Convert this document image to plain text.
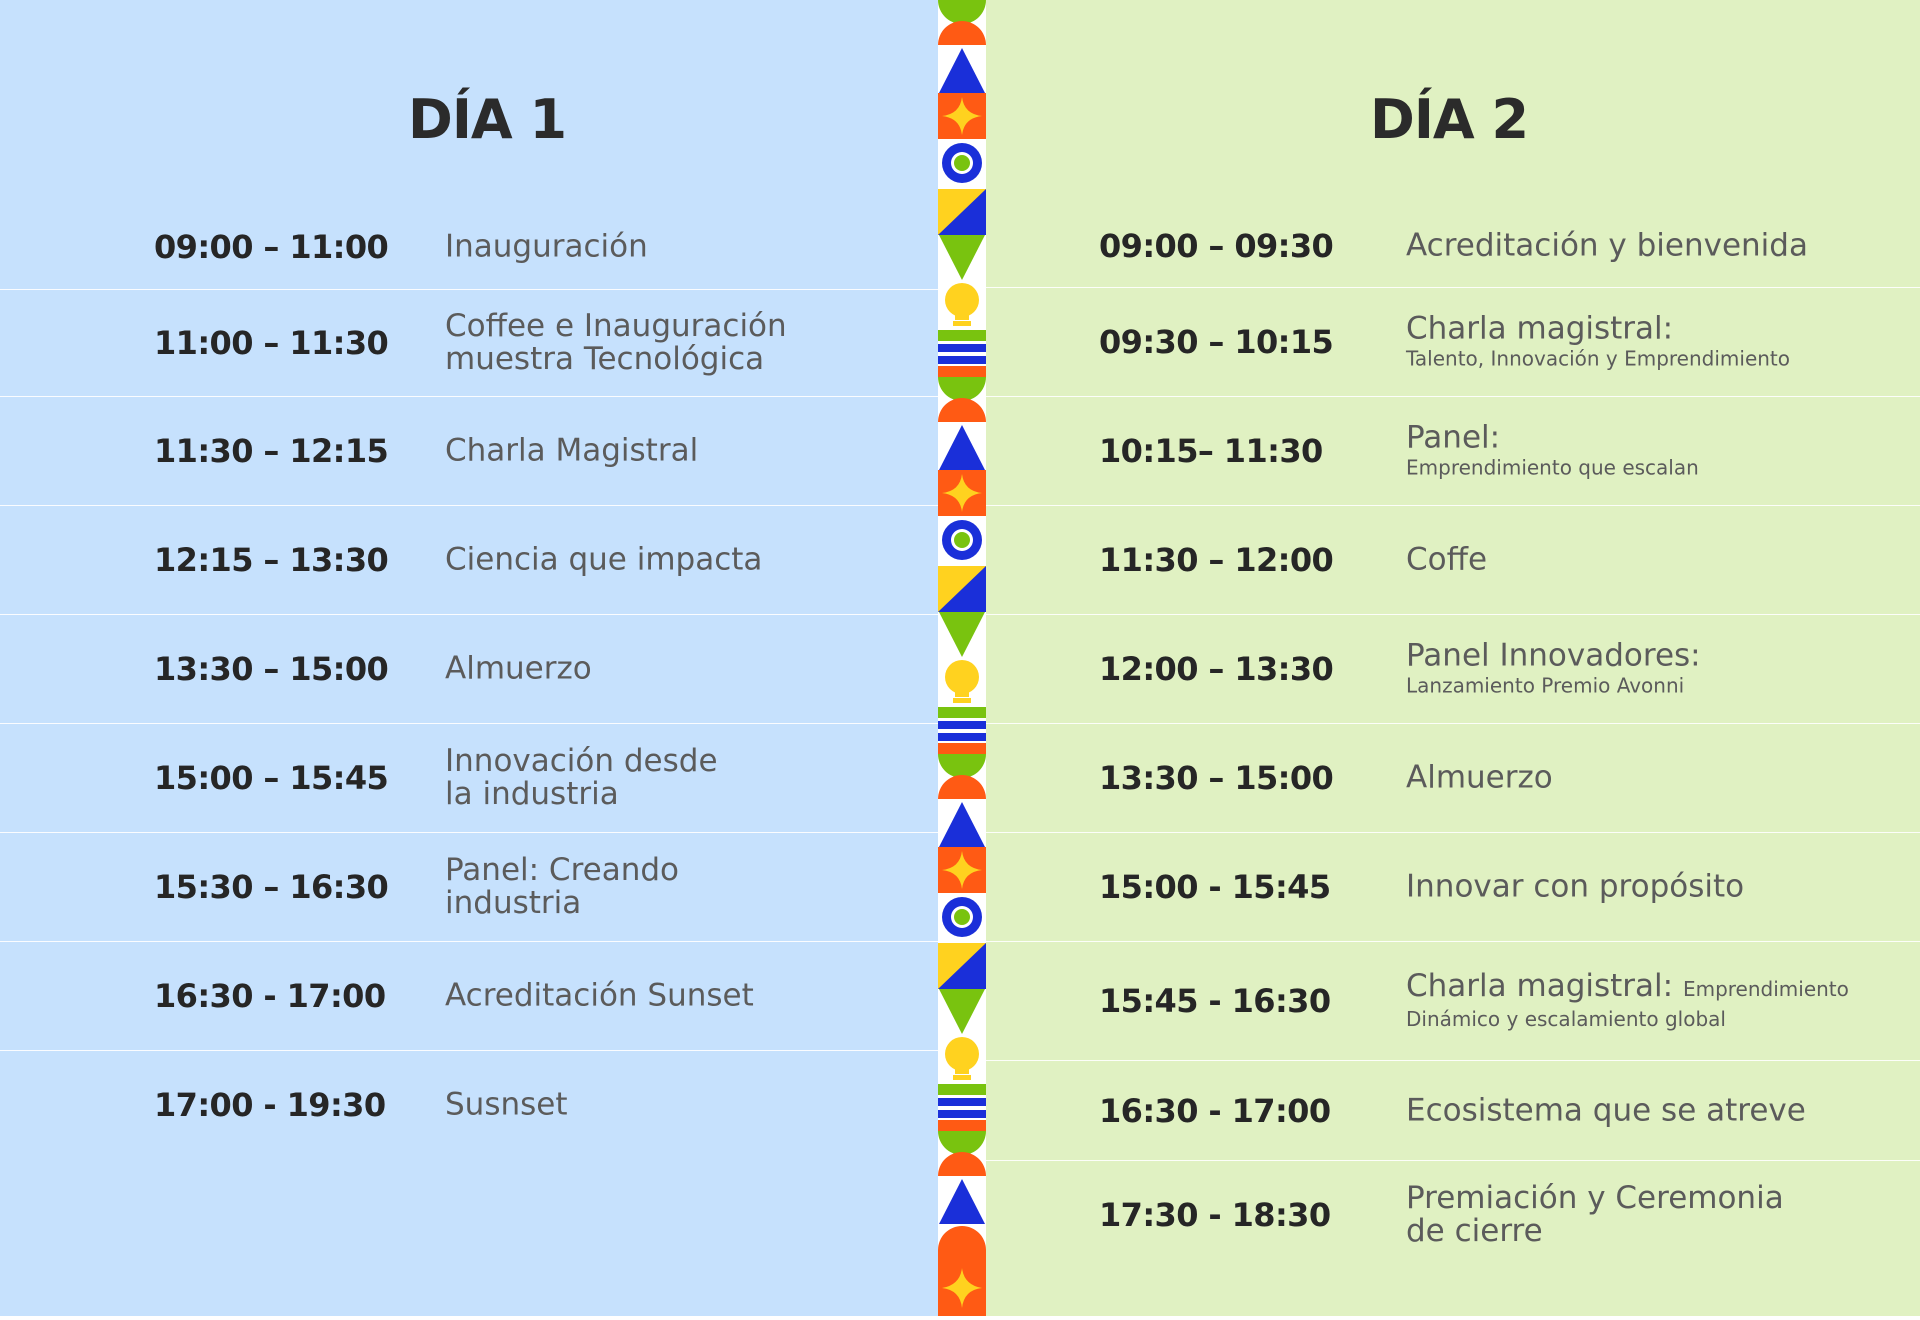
DÍA 1
09:00 – 11:00 Inauguración
11:00 – 11:30 Coffee e Inauguración
muestra Tecnológica
11:30 – 12:15 Charla Magistral
12:15 – 13:30 Ciencia que impacta
13:30 – 15:00 Almuerzo
15:00 – 15:45 Innovación desde
la industria
15:30 – 16:30 Panel: Creando
industria
16:30 - 17:00 Acreditación Sunset
17:00 - 19:30 Susnset
DÍA 2
09:00 – 09:30 Acreditación y bienvenida
09:30 – 10:15 Charla magistral:
Talento, Innovación y Emprendimiento
10:15– 11:30	Panel:
Emprendimiento que escalan
11:30 – 12:00 Coffe
12:00 – 13:30 Panel Innovadores:
Lanzamiento Premio Avonni
13:30 – 15:00 Almuerzo
15:00 - 15:45 Innovar con propósito
15:45 - 16:30 Charla magistral: Emprendimiento
Dinámico y escalamiento global
16:30 - 17:00 Ecosistema que se atreve
17:30 - 18:30 Premiación y Ceremonia
de cierre
